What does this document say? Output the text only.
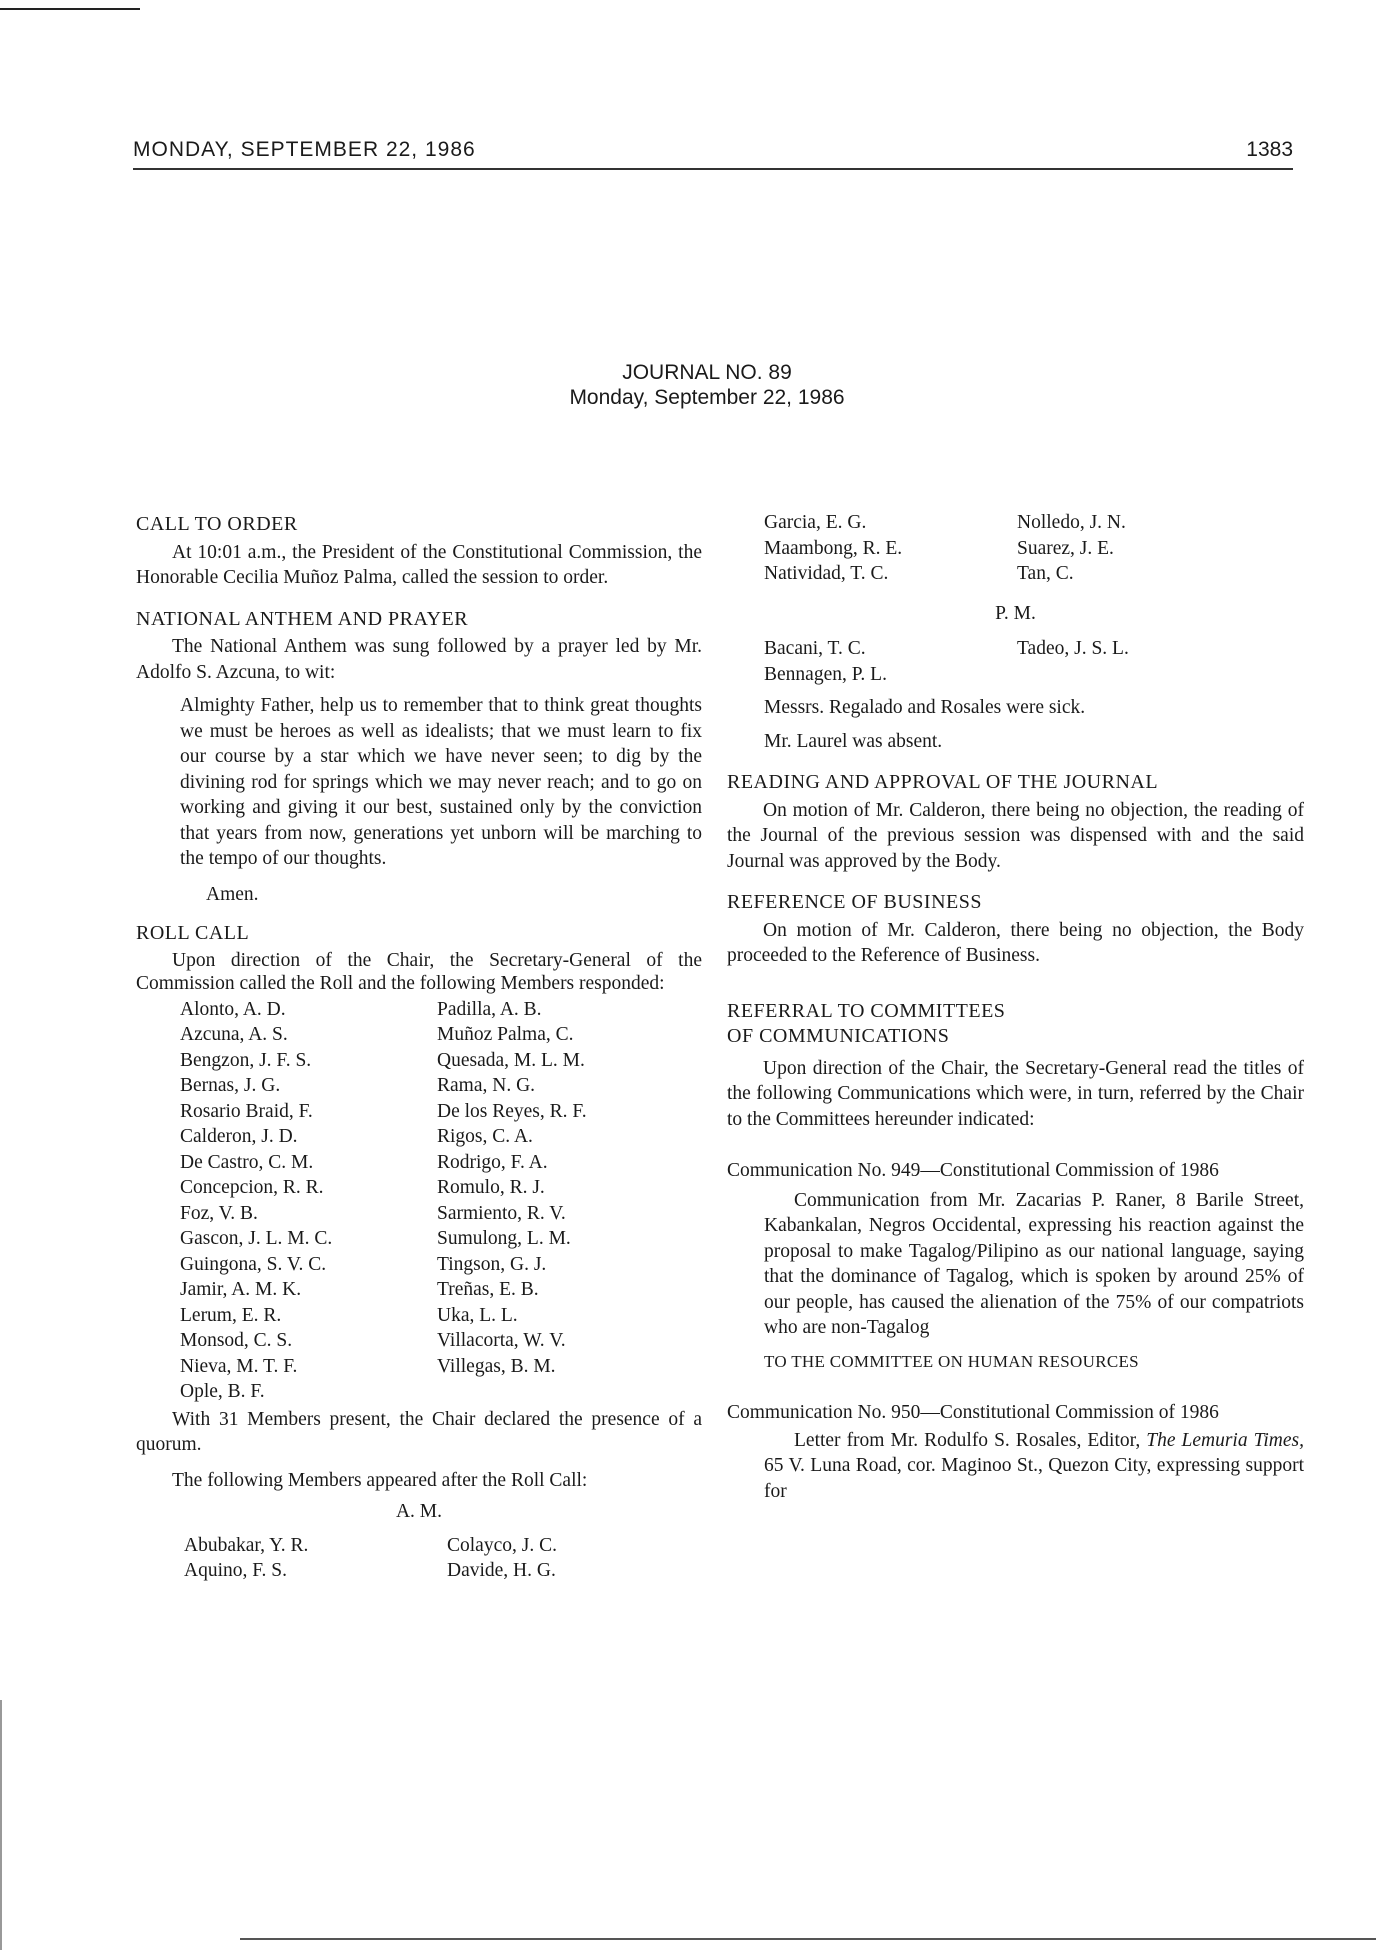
MONDAY, SEPTEMBER 22, 1986	1383
JOURNAL NO. 89
Monday, September 22, 1986
CALL TO ORDER
At 10:01 a.m., the President of the Constitutional Commission, the Honorable Cecilia Muñoz Palma, called the session to order.
NATIONAL ANTHEM AND PRAYER
The National Anthem was sung followed by a prayer led by Mr. Adolfo S. Azcuna, to wit:
Almighty Father, help us to remember that to think great thoughts we must be heroes as well as idealists; that we must learn to fix our course by a star which we have never seen; to dig by the divining rod for springs which we may never reach; and to go on working and giving it our best, sustained only by the conviction that years from now, generations yet unborn will be marching to the tempo of our thoughts.
Amen.
ROLL CALL
Upon direction of the Chair, the Secretary-General of the Commission called the Roll and the following Members responded:
Alonto, A. D.	Padilla, A. B.
Azcuna, A. S.	Muñoz Palma, C.
Bengzon, J. F. S.	Quesada, M. L. M.
Bernas, J. G.	Rama, N. G.
Rosario Braid, F.	De los Reyes, R. F.
Calderon, J. D.	Rigos, C. A.
De Castro, C. M.	Rodrigo, F. A.
Concepcion, R. R.	Romulo, R. J.
Foz, V. B.	Sarmiento, R. V.
Gascon, J. L. M. C.	Sumulong, L. M.
Guingona, S. V. C.	Tingson, G. J.
Jamir, A. M. K.	Treñas, E. B.
Lerum, E. R.	Uka, L. L.
Monsod, C. S.	Villacorta, W. V.
Nieva, M. T. F.	Villegas, B. M.
Ople, B. F.	
With 31 Members present, the Chair declared the presence of a quorum.
The following Members appeared after the Roll Call:
A. M.
Abubakar, Y. R.	Colayco, J. C.
Aquino, F. S.	Davide, H. G.
Garcia, E. G.	Nolledo, J. N.
Maambong, R. E.	Suarez, J. E.
Natividad, T. C.	Tan, C.
P. M.
Bacani, T. C.	Tadeo, J. S. L.
Bennagen, P. L.	
Messrs. Regalado and Rosales were sick.
Mr. Laurel was absent.
READING AND APPROVAL OF THE JOURNAL
On motion of Mr. Calderon, there being no objection, the reading of the Journal of the previous session was dispensed with and the said Journal was approved by the Body.
REFERENCE OF BUSINESS
On motion of Mr. Calderon, there being no objection, the Body proceeded to the Reference of Business.
REFERRAL TO COMMITTEES
OF COMMUNICATIONS
Upon direction of the Chair, the Secretary-General read the titles of the following Communications which were, in turn, referred by the Chair to the Committees hereunder indicated:
Communication No. 949—Constitutional Commission of 1986
Communication from Mr. Zacarias P. Raner, 8 Barile Street, Kabankalan, Negros Occidental, expressing his reaction against the proposal to make Tagalog/Pilipino as our national language, saying that the dominance of Tagalog, which is spoken by around 25% of our people, has caused the alienation of the 75% of our compatriots who are non-Tagalog
TO THE COMMITTEE ON HUMAN RESOURCES
Communication No. 950—Constitutional Commission of 1986
Letter from Mr. Rodulfo S. Rosales, Editor, The Lemuria Times, 65 V. Luna Road, cor. Maginoo St., Quezon City, expressing support for
